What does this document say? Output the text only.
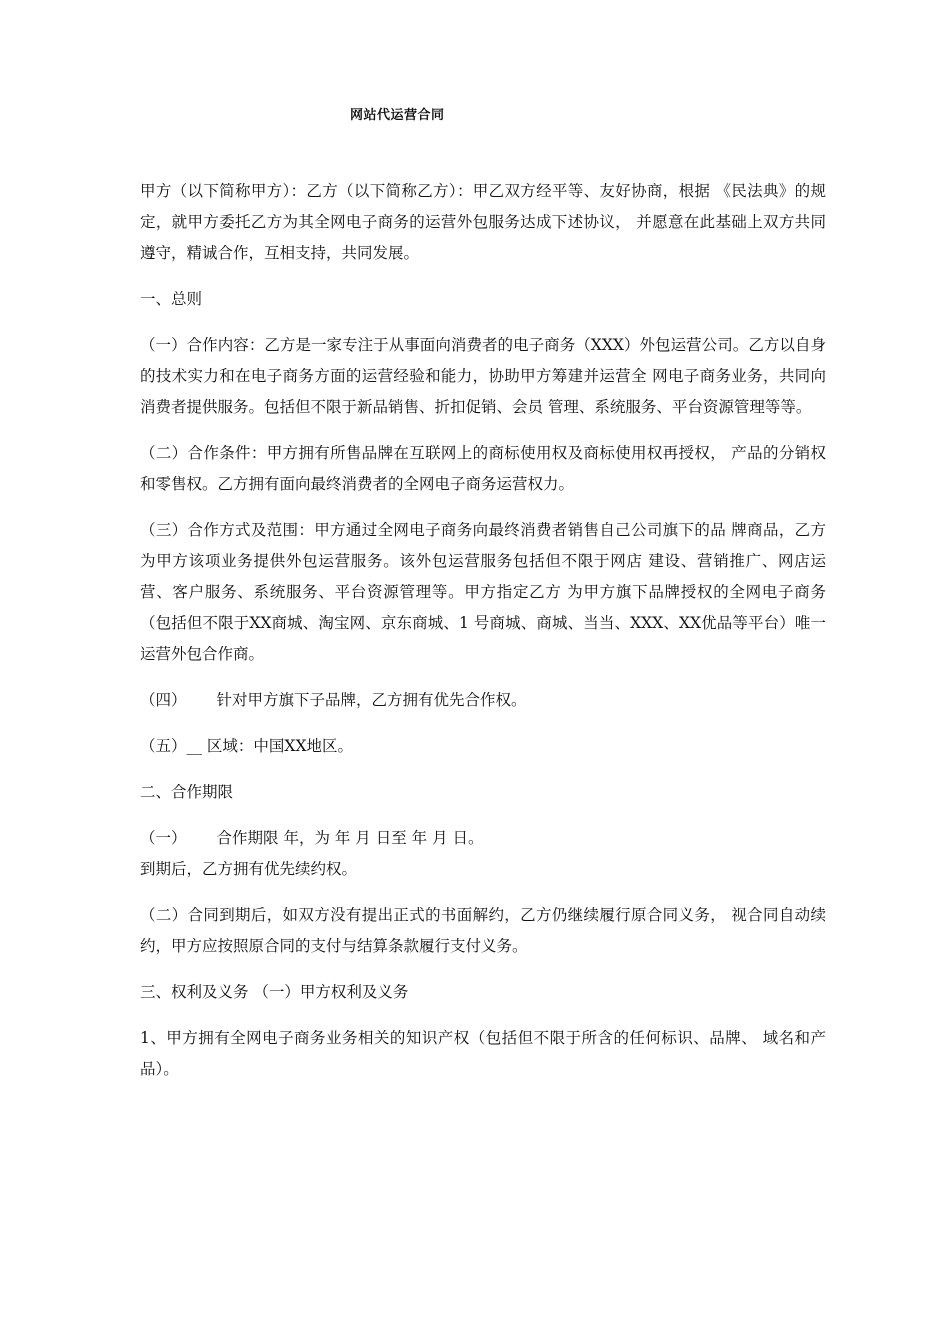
网站代运营合同

甲方（以下简称甲方）：乙方（以下简称乙方）：甲乙双方经平等、友好协商，根据 《民法典》的规定，就甲方委托乙方为其全网电子商务的运营外包服务达成下述协议， 并愿意在此基础上双方共同遵守，精诚合作，互相支持，共同发展。

一、总则

（一）合作内容：乙方是一家专注于从事面向消费者的电子商务（XXX）外包运营公司。乙方以自身的技术实力和在电子商务方面的运营经验和能力，协助甲方筹建并运营全 网电子商务业务，共同向消费者提供服务。包括但不限于新品销售、折扣促销、会员 管理、系统服务、平台资源管理等等。

（二）合作条件：甲方拥有所售品牌在互联网上的商标使用权及商标使用权再授权， 产品的分销权和零售权。乙方拥有面向最终消费者的全网电子商务运营权力。

（三）合作方式及范围：甲方通过全网电子商务向最终消费者销售自己公司旗下的品 牌商品，乙方为甲方该项业务提供外包运营服务。该外包运营服务包括但不限于网店 建设、营销推广、网店运营、客户服务、系统服务、平台资源管理等。甲方指定乙方 为甲方旗下品牌授权的全网电子商务（包括但不限于XX商城、淘宝网、京东商城、1 号商城、商城、当当、XXX、XX优品等平台）唯一运营外包合作商。

（四） 针对甲方旗下子品牌，乙方拥有优先合作权。

（五）__ 区域：中国XX地区。

二、合作期限

（一） 合作期限 年，为 年 月 日至 年 月 日。

到期后，乙方拥有优先续约权。

（二）合同到期后，如双方没有提出正式的书面解约，乙方仍继续履行原合同义务， 视合同自动续约，甲方应按照原合同的支付与结算条款履行支付义务。

三、权利及义务 （一）甲方权利及义务

1、甲方拥有全网电子商务业务相关的知识产权（包括但不限于所含的任何标识、品牌、 域名和产品）。
